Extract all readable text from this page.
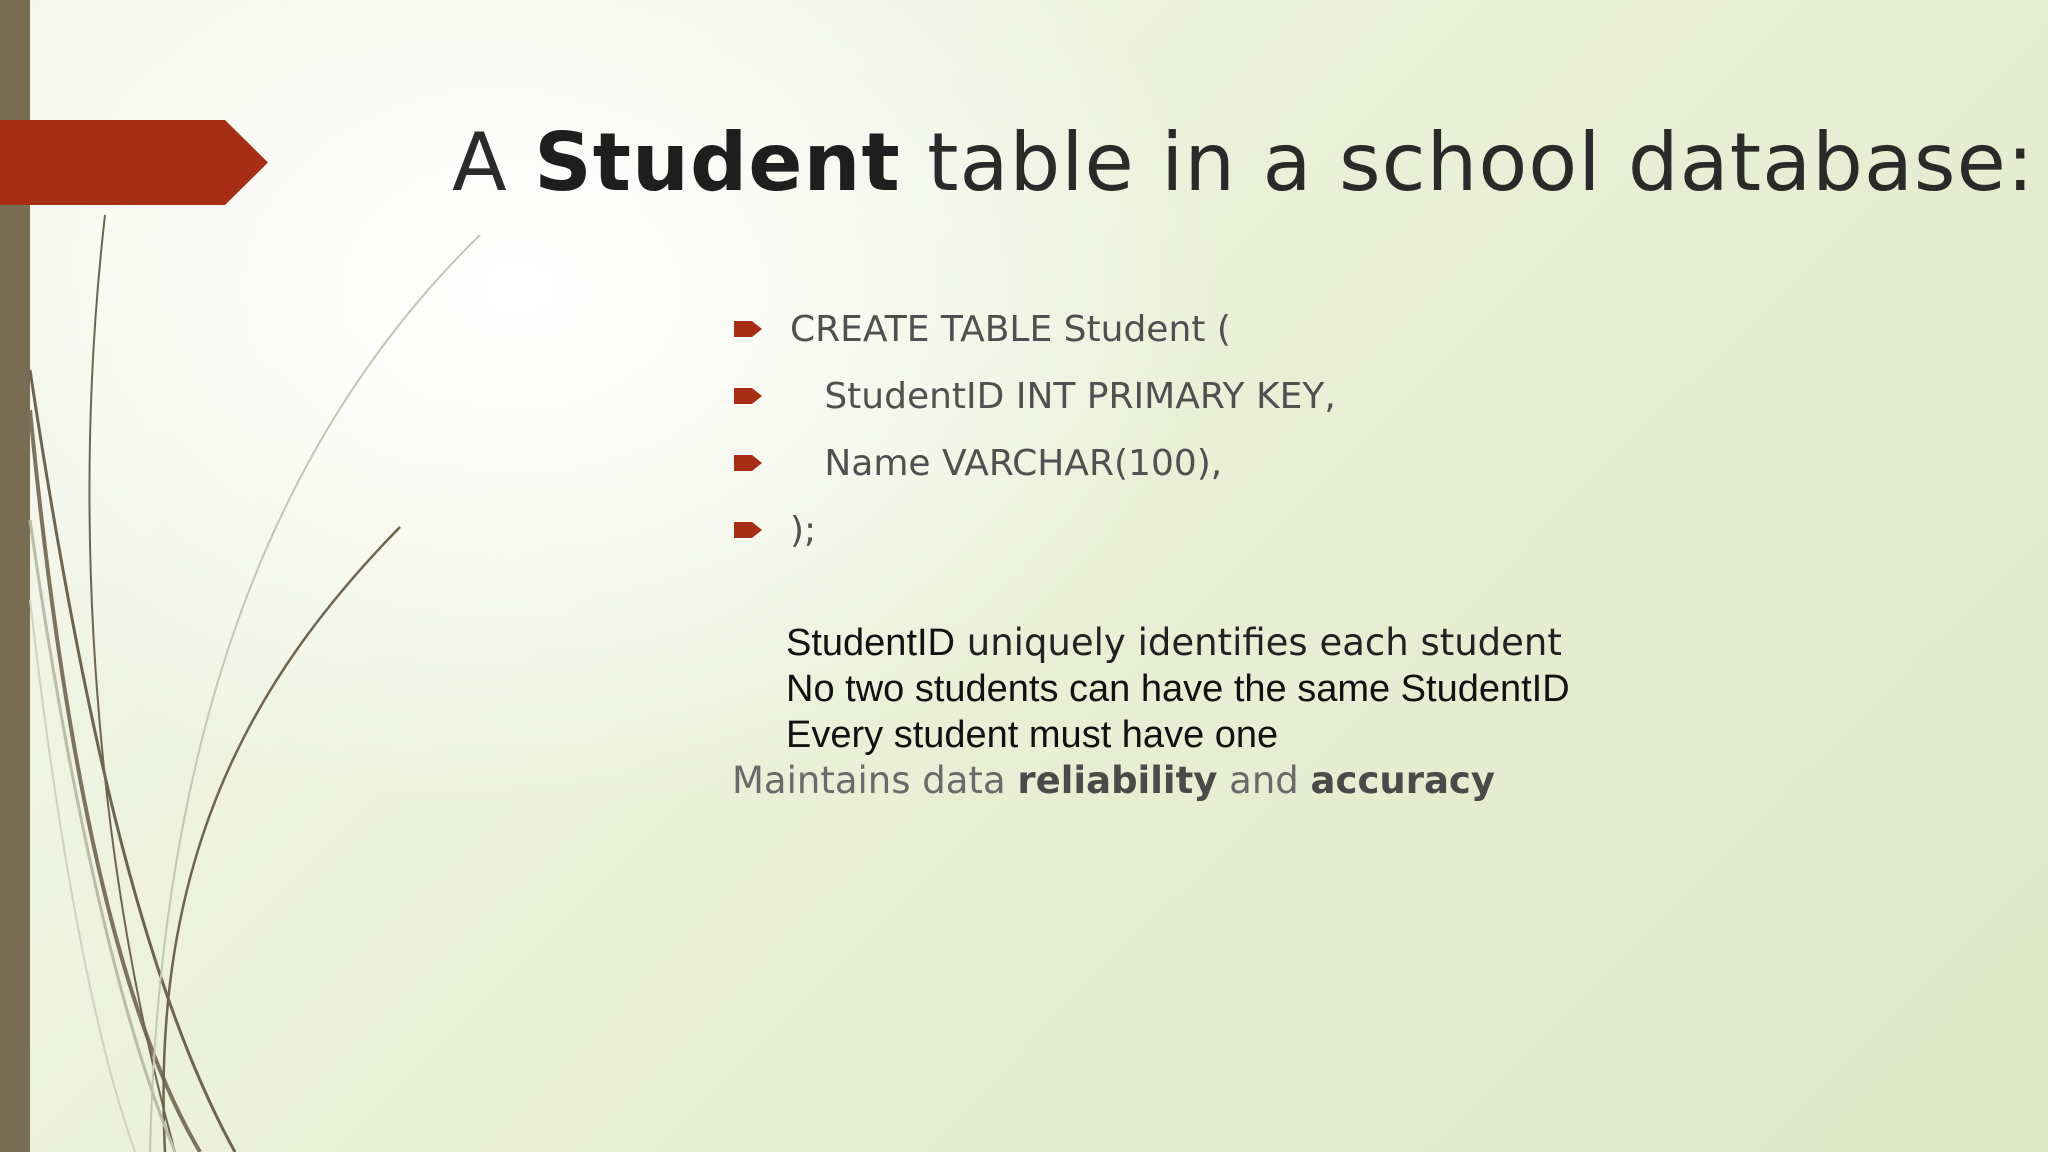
A Student table in a school database:

CREATE TABLE Student (

StudentID INT PRIMARY KEY,

Name VARCHAR(100),

);

StudentID uniquely identifies each student
No two students can have the same StudentID
Every student must have one
Maintains data reliability and accuracy
